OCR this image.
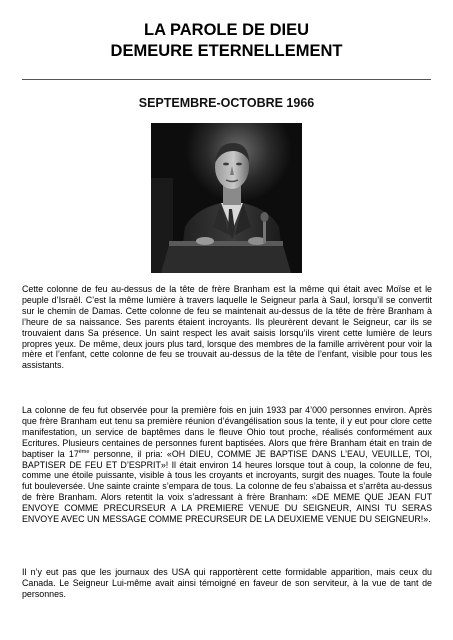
LA PAROLE DE DIEU
DEMEURE ETERNELLEMENT
SEPTEMBRE-OCTOBRE 1966

Cette colonne de feu au-dessus de la tête de frère Branham est la même qui était avec Moïse et le peuple d’Israël. C’est la même lumière à travers laquelle le Seigneur parla à Saul, lorsqu’il se convertit sur le chemin de Damas. Cette colonne de feu se maintenait au-dessus de la tête de frère Branham à l’heure de sa naissance. Ses parents étaient incroyants. Ils pleurèrent devant le Seigneur, car ils se trouvaient dans Sa présence. Un saint respect les avait saisis lorsqu’ils virent cette lumière de leurs propres yeux. De même, deux jours plus tard, lorsque des membres de la famille arrivèrent pour voir la mère et l’enfant, cette colonne de feu se trouvait au-dessus de la tête de l’enfant, visible pour tous les assistants.

La colonne de feu fut observée pour la première fois en juin 1933 par 4’000 personnes environ. Après que frère Branham eut tenu sa première réunion d’évangélisation sous la tente, il y eut pour clore cette manifestation, un service de baptêmes dans le fleuve Ohio tout proche, réalisés conformément aux Ecritures. Plusieurs centaines de personnes furent baptisées. Alors que frère Branham était en train de baptiser la 17ème personne, il pria: «OH DIEU, COMME JE BAPTISE DANS L’EAU, VEUILLE, TOI, BAPTISER DE FEU ET D’ESPRIT»! Il était environ 14 heures lorsque tout à coup, la colonne de feu, comme une étoile puissante, visible à tous les croyants et incroyants, surgit des nuages. Toute la foule fut bouleversée. Une sainte crainte s’empara de tous. La colonne de feu s’abaissa et s’arrêta au-dessus de frère Branham. Alors retentit la voix s’adressant à frère Branham: «DE MEME QUE JEAN FUT ENVOYE COMME PRECURSEUR A LA PREMIERE VENUE DU SEIGNEUR, AINSI TU SERAS ENVOYE AVEC UN MESSAGE COMME PRECURSEUR DE LA DEUXIEME VENUE DU SEIGNEUR!».

Il n’y eut pas que les journaux des USA qui rapportèrent cette formidable apparition, mais ceux du Canada. Le Seigneur Lui-même avait ainsi témoigné en faveur de son serviteur, à la vue de tant de personnes.
